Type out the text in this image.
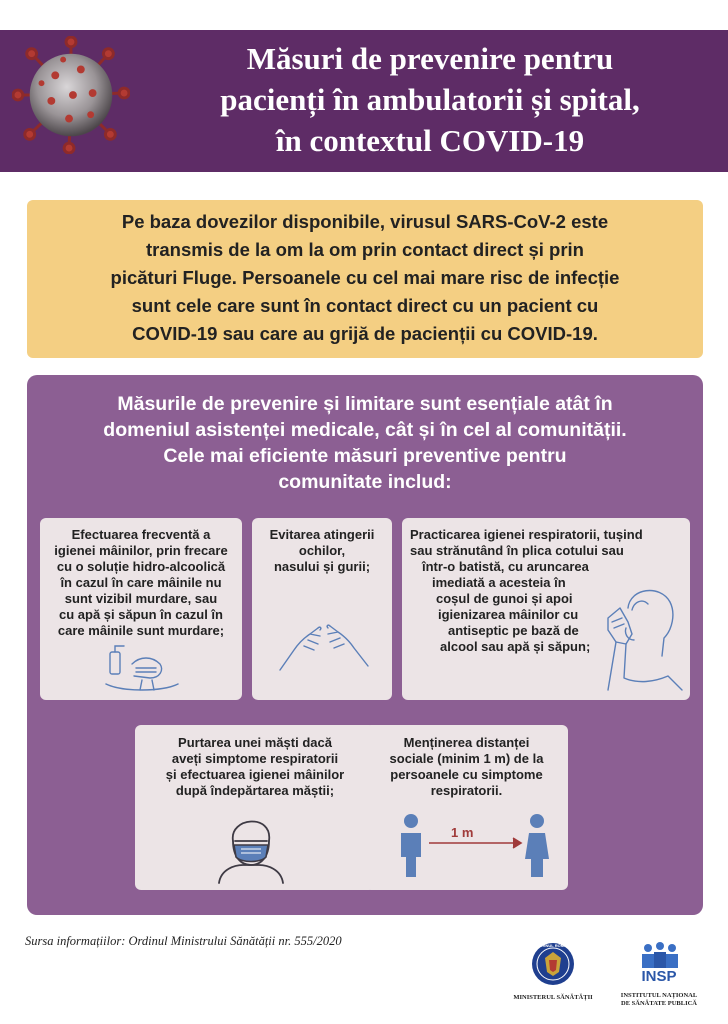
Măsuri de prevenire pentru
pacienți în ambulatorii și spital,
în contextul COVID-19
Pe baza dovezilor disponibile, virusul SARS-CoV-2 este
transmis de la om la om prin contact direct și prin
picături Fluge. Persoanele cu cel mai mare risc de infecție
sunt cele care sunt în contact direct cu un pacient cu
COVID-19 sau care au grijă de pacienții cu COVID-19.
Măsurile de prevenire și limitare sunt esențiale atât în
domeniul asistenței medicale, cât și în cel al comunității.
Cele mai eficiente măsuri preventive pentru
comunitate includ:
Efectuarea frecventă a
igienei mâinilor, prin frecare
cu o soluție hidro-alcoolică
în cazul în care mâinile nu
sunt vizibil murdare, sau
cu apă și săpun în cazul în
care mâinile sunt murdare;
Evitarea atingerii
ochilor,
nasului și gurii;
Practicarea igienei respiratorii, tușind
sau strănutând în plica cotului sau
într-o batistă, cu aruncarea
imediată a acesteia în
coșul de gunoi și apoi
igienizarea mâinilor cu
antiseptic pe bază de
alcool sau apă și săpun;
Purtarea unei măști dacă
aveți simptome respiratorii
și efectuarea igienei mâinilor
după îndepărtarea măștii;
Menținerea distanței
sociale (minim 1 m) de la
persoanele cu simptome
respiratorii.
1 m
Sursa informațiilor: Ordinul Ministrului Sănătății nr. 555/2020	GUVERNUL ROMÂNIEI
MINISTERUL SĂNĂTĂȚII
INSP
INSTITUTUL NAȚIONAL
DE SĂNĂTATE PUBLICĂ
